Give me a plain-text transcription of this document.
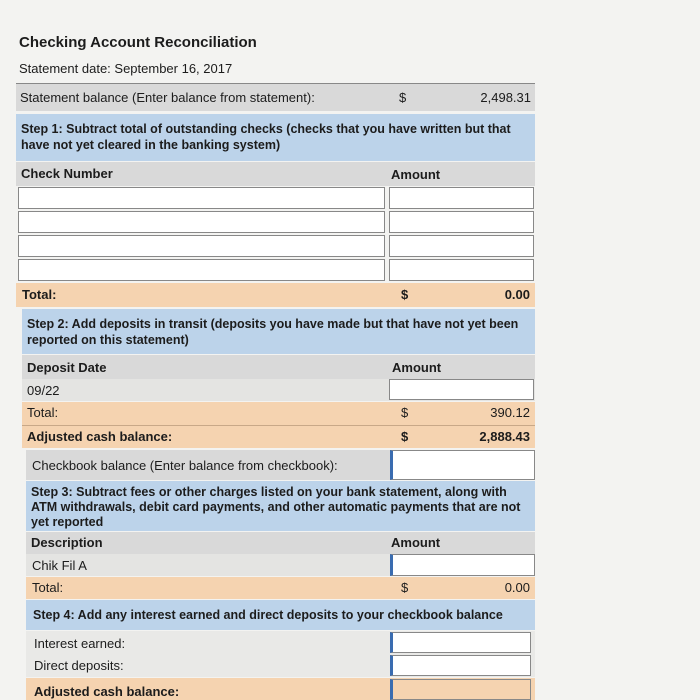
Checking Account Reconciliation
Statement date: September 16, 2017
Statement balance (Enter balance from statement):	$	2,498.31
Step 1: Subtract total of outstanding checks (checks that you have written but that have not yet cleared in the banking system)
Check Number	Amount
Total:	$	0.00
Step 2: Add deposits in transit (deposits you have made but that have not yet been reported on this statement)
Deposit Date	Amount
09/22
Total:	$	390.12
Adjusted cash balance:	$	2,888.43
Checkbook balance (Enter balance from checkbook):
Step 3: Subtract fees or other charges listed on your bank statement, along with ATM withdrawals, debit card payments, and other automatic payments that are not yet reported
Description	Amount
Chik Fil A
Total:	$	0.00
Step 4: Add any interest earned and direct deposits to your checkbook balance
Interest earned:
Direct deposits:
Adjusted cash balance:
